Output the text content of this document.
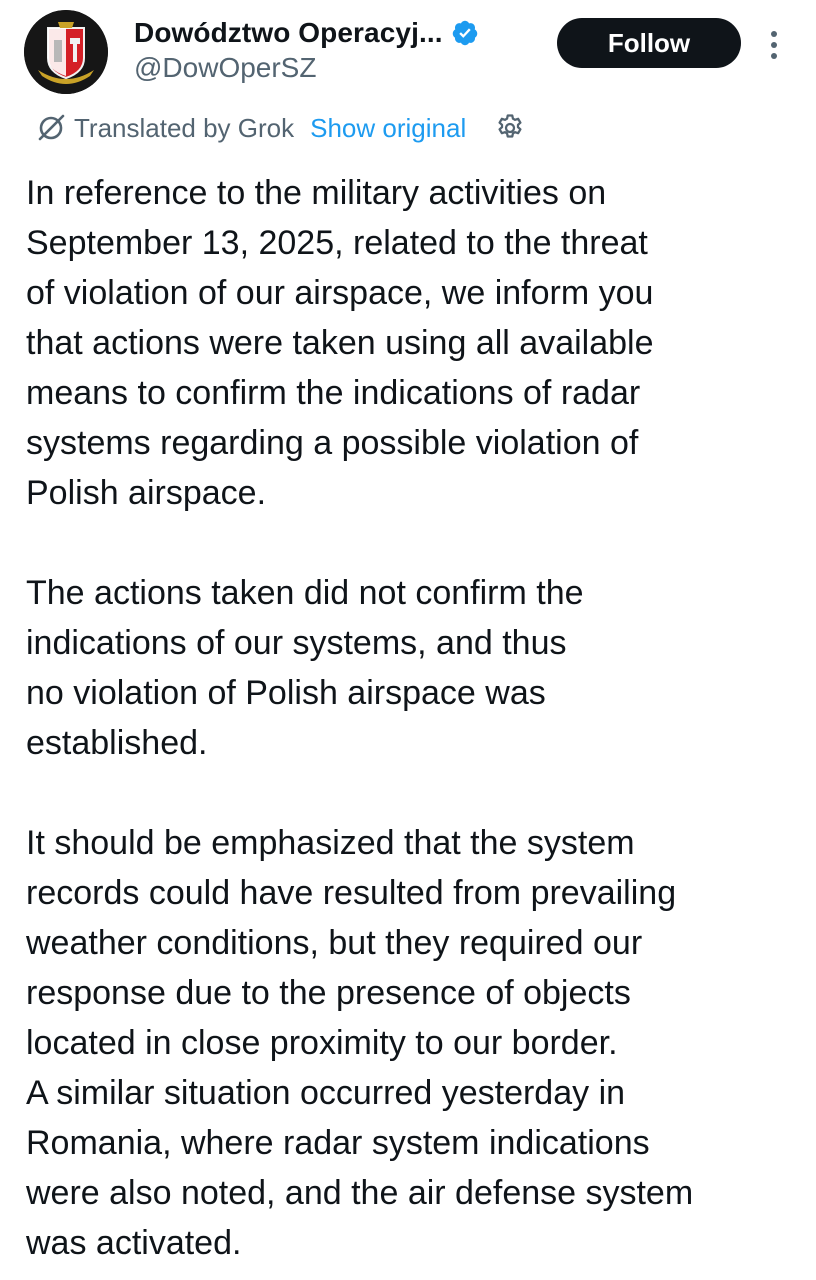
Dowództwo Operacyj...
@DowOperSZ
Follow
Translated by Grok Show original

In reference to the military activities on
September 13, 2025, related to the threat
of violation of our airspace, we inform you
that actions were taken using all available
means to confirm the indications of radar
systems regarding a possible violation of
Polish airspace.

The actions taken did not confirm the
indications of our systems, and thus
no violation of Polish airspace was
established.

It should be emphasized that the system
records could have resulted from prevailing
weather conditions, but they required our
response due to the presence of objects
located in close proximity to our border.
A similar situation occurred yesterday in
Romania, where radar system indications
were also noted, and the air defense system
was activated.
